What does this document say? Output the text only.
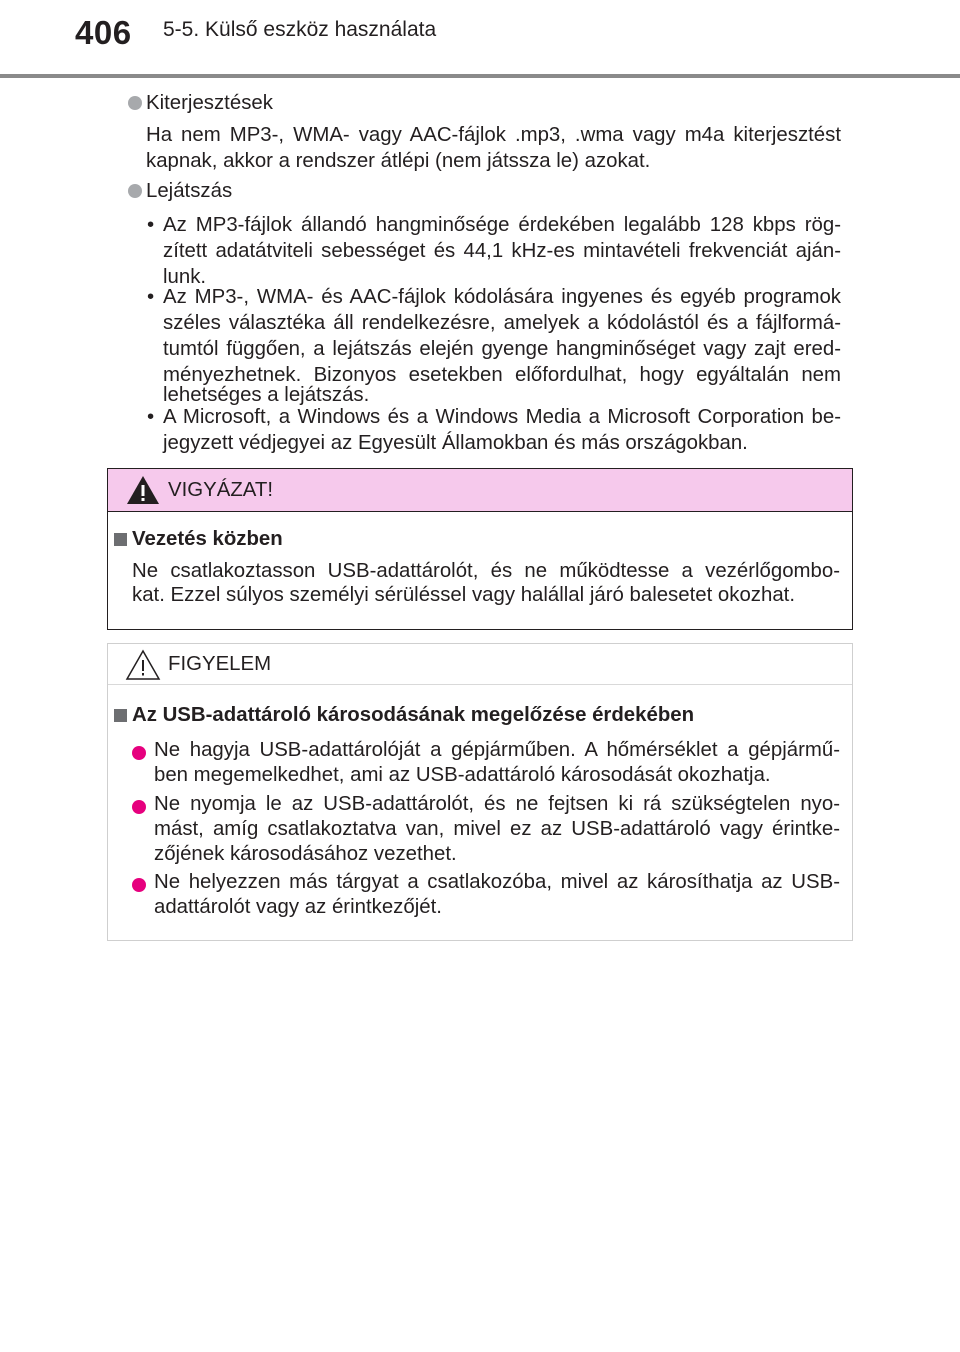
406 5-5. Külső eszköz használata
Kiterjesztések
Ha nem MP3-, WMA- vagy AAC-fájlok .mp3, .wma vagy m4a kiterjesztést
kapnak, akkor a rendszer átlépi (nem játssza le) azokat.
Lejátszás
• Az MP3-fájlok állandó hangminősége érdekében legalább 128 kbps rög-
zített adatátviteli sebességet és 44,1 kHz-es mintavételi frekvenciát aján-
lunk.
• Az MP3-, WMA- és AAC-fájlok kódolására ingyenes és egyéb programok
széles választéka áll rendelkezésre, amelyek a kódolástól és a fájlformá-
tumtól függően, a lejátszás elején gyenge hangminőséget vagy zajt ered-
ményezhetnek. Bizonyos esetekben előfordulhat, hogy egyáltalán nem
lehetséges a lejátszás.
• A Microsoft, a Windows és a Windows Media a Microsoft Corporation be-
jegyzett védjegyei az Egyesült Államokban és más országokban.
VIGYÁZAT!
Vezetés közben
Ne csatlakoztasson USB-adattárolót, és ne működtesse a vezérlőgombo-
kat. Ezzel súlyos személyi sérüléssel vagy halállal járó balesetet okozhat.
FIGYELEM
Az USB-adattároló károsodásának megelőzése érdekében
Ne hagyja USB-adattárolóját a gépjárműben. A hőmérséklet a gépjármű-
ben megemelkedhet, ami az USB-adattároló károsodását okozhatja.
Ne nyomja le az USB-adattárolót, és ne fejtsen ki rá szükségtelen nyo-
mást, amíg csatlakoztatva van, mivel ez az USB-adattároló vagy érintke-
zőjének károsodásához vezethet.
Ne helyezzen más tárgyat a csatlakozóba, mivel az károsíthatja az USB-
adattárolót vagy az érintkezőjét.
